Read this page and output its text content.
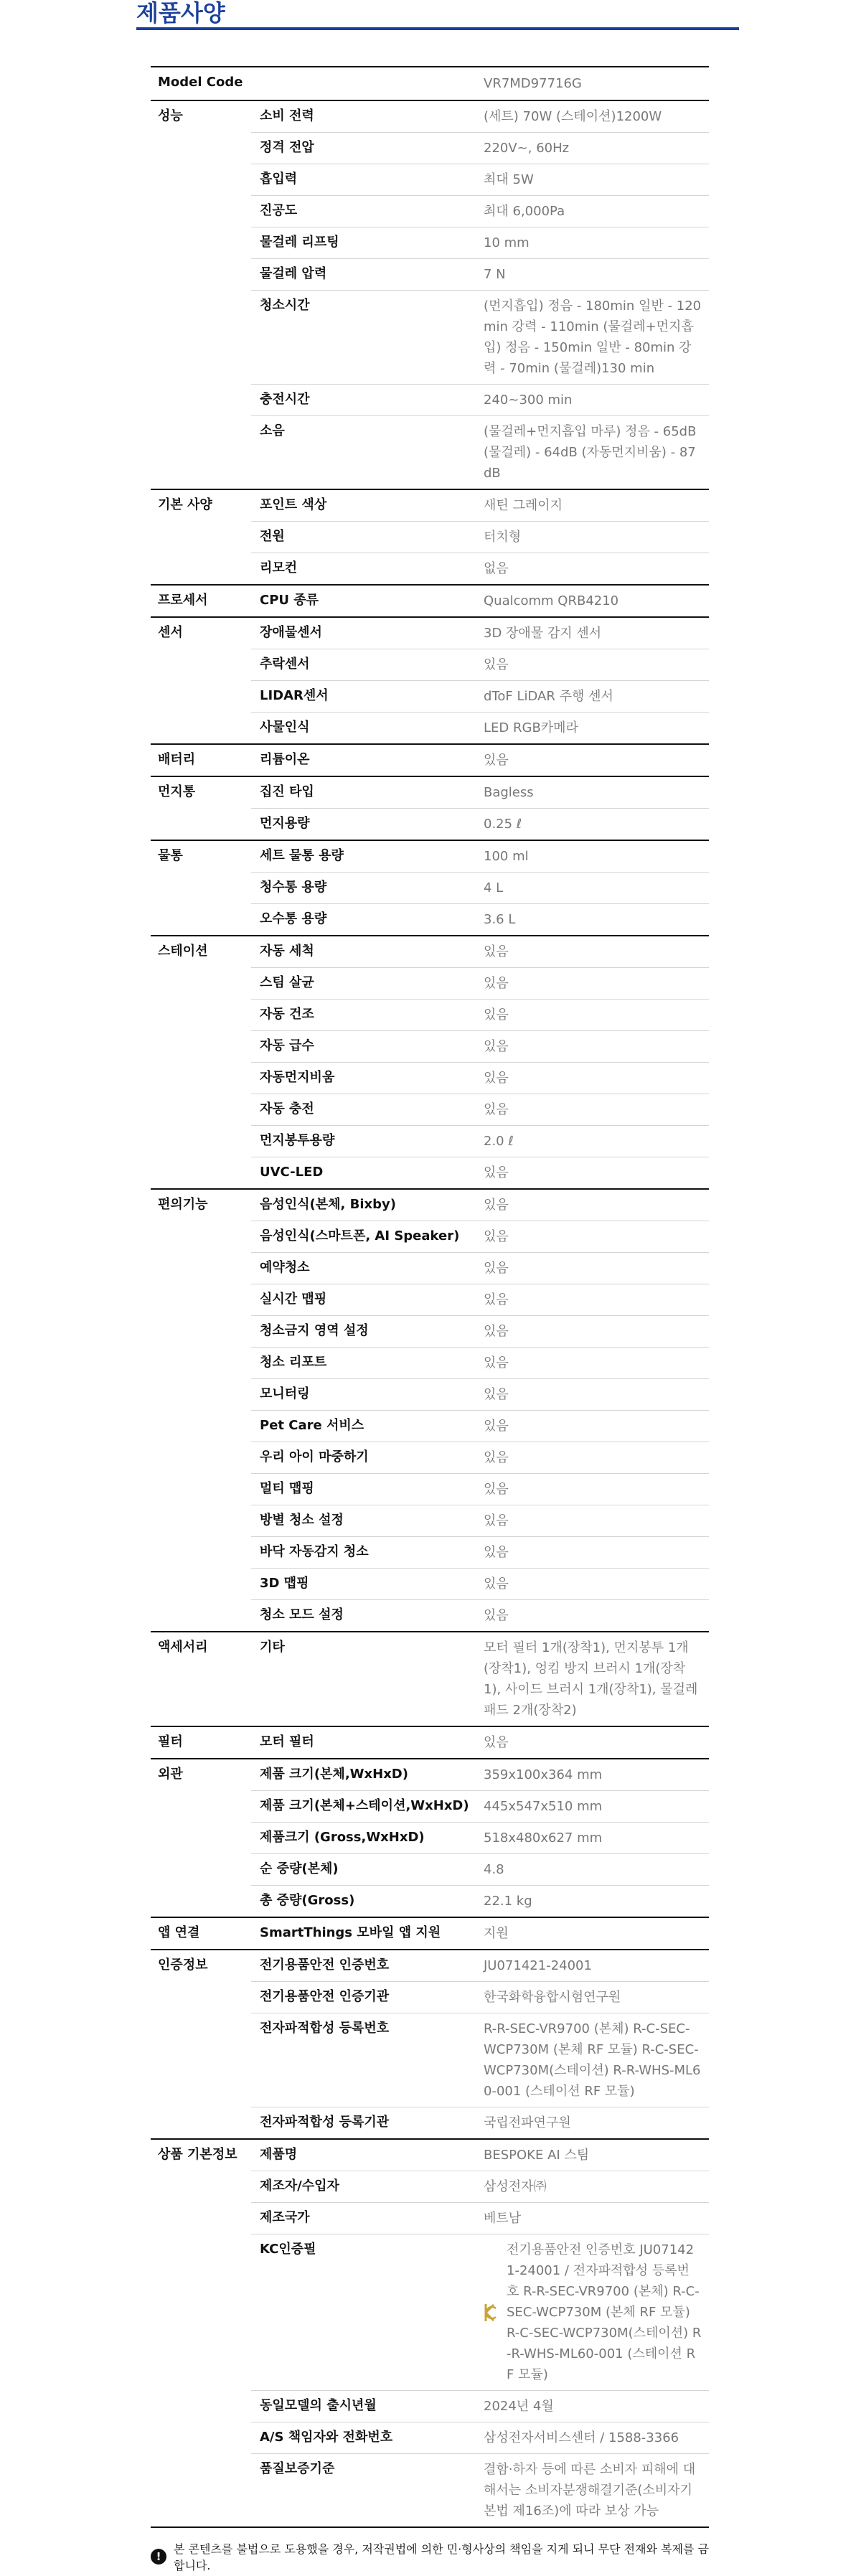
제품사양
Model Code	VR7MD97716G
성능	소비 전력	(세트) 70W (스테이션)1200W
정격 전압	220V~, 60Hz
흡입력	최대 5W
진공도	최대 6,000Pa
물걸레 리프팅	10 mm
물걸레 압력	7 N
청소시간	(먼지흡입) 정음 - 180min 일반 - 120min 강력 - 110min (물걸레+먼지흡입) 정음 - 150min 일반 - 80min 강력 - 70min (물걸레)130 min
충전시간	240~300 min
소음	(물걸레+먼지흡입 마루) 정음 - 65dB (물걸레) - 64dB (자동먼지비움) - 87dB
기본 사양	포인트 색상	새틴 그레이지
전원	터치형
리모컨	없음
프로세서	CPU 종류	Qualcomm QRB4210
센서	장애물센서	3D 장애물 감지 센서
추락센서	있음
LIDAR센서	dToF LiDAR 주행 센서
사물인식	LED RGB카메라
배터리	리튬이온	있음
먼지통	집진 타입	Bagless
먼지용량	0.25 ℓ
물통	세트 물통 용량	100 ml
청수통 용량	4 L
오수통 용량	3.6 L
스테이션	자동 세척	있음
스팀 살균	있음
자동 건조	있음
자동 급수	있음
자동먼지비움	있음
자동 충전	있음
먼지봉투용량	2.0 ℓ
UVC-LED	있음
편의기능	음성인식(본체, Bixby)	있음
음성인식(스마트폰, AI Speaker)	있음
예약청소	있음
실시간 맵핑	있음
청소금지 영역 설정	있음
청소 리포트	있음
모니터링	있음
Pet Care 서비스	있음
우리 아이 마중하기	있음
멀티 맵핑	있음
방별 청소 설정	있음
바닥 자동감지 청소	있음
3D 맵핑	있음
청소 모드 설정	있음
액세서리	기타	모터 필터 1개(장착1), 먼지봉투 1개(장착1), 엉킴 방지 브러시 1개(장착1), 사이드 브러시 1개(장착1), 물걸레 패드 2개(장착2)
필터	모터 필터	있음
외관	제품 크기(본체,WxHxD)	359x100x364 mm
제품 크기(본체+스테이션,WxHxD)	445x547x510 mm
제품크기 (Gross,WxHxD)	518x480x627 mm
순 중량(본체)	4.8
총 중량(Gross)	22.1 kg
앱 연결	SmartThings 모바일 앱 지원	지원
인증정보	전기용품안전 인증번호	JU071421-24001
전기용품안전 인증기관	한국화학융합시험연구원
전자파적합성 등록번호	R-R-SEC-VR9700 (본체) R-C-SEC-WCP730M (본체 RF 모듈) R-C-SEC-WCP730M(스테이션) R-R-WHS-ML60-001 (스테이션 RF 모듈)
전자파적합성 등록기관	국립전파연구원
상품 기본정보	제품명	BESPOKE AI 스팀
제조자/수입자	삼성전자㈜
제조국가	베트남
KC인증필	전기용품안전 인증번호 JU071421-24001 / 전자파적합성 등록번호 R-R-SEC-VR9700 (본체) R-C-SEC-WCP730M (본체 RF 모듈) R-C-SEC-WCP730M(스테이션) R-R-WHS-ML60-001 (스테이션 RF 모듈)
동일모델의 출시년월	2024년 4월
A/S 책임자와 전화번호	삼성전자서비스센터 / 1588-3366
품질보증기준	결함·하자 등에 따른 소비자 피해에 대해서는 소비자분쟁해결기준(소비자기본법 제16조)에 따라 보상 가능
!
본 콘텐츠를 불법으로 도용했을 경우, 저작권법에 의한 민·형사상의 책임을 지게 되니 무단 전재와 복제를 금합니다.
